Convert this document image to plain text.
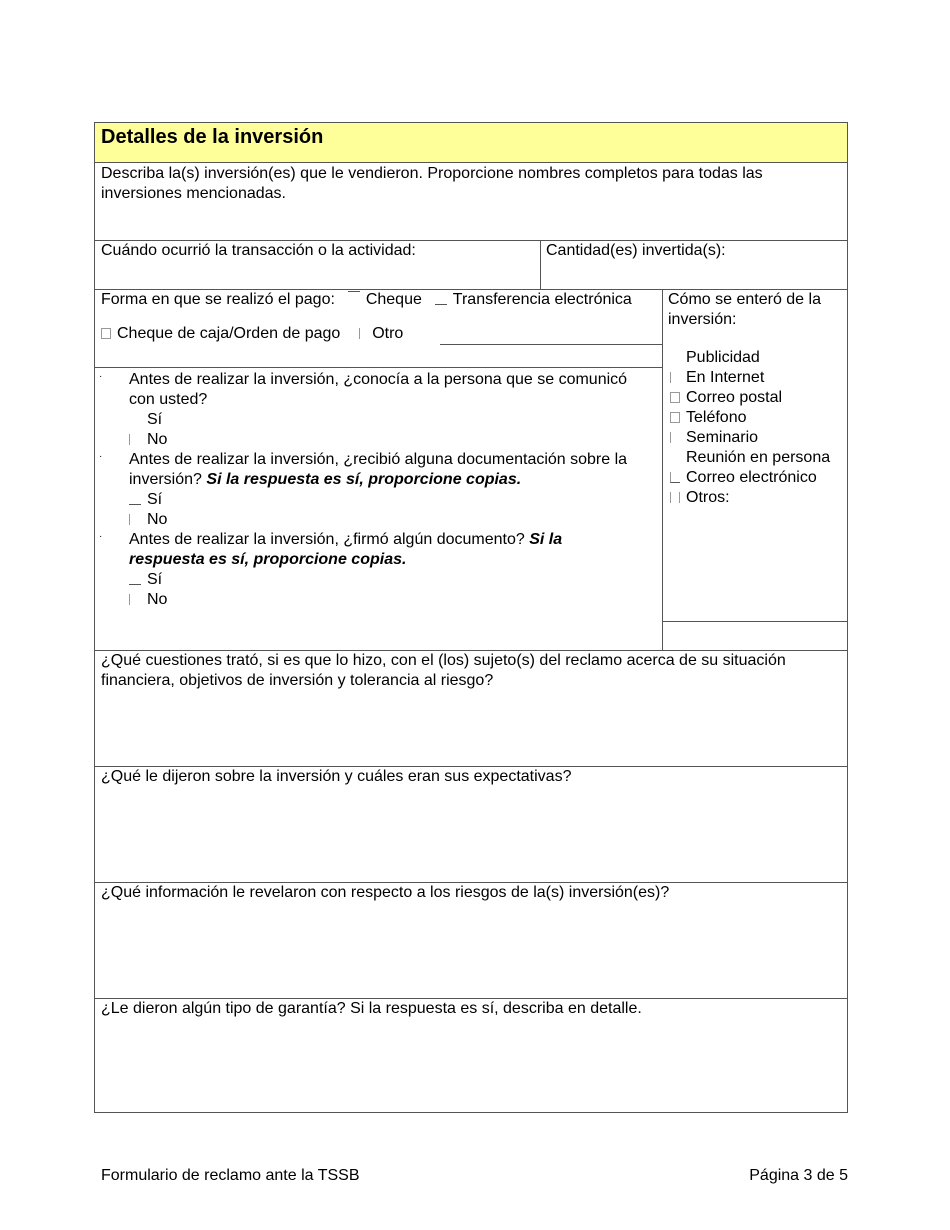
Detalles de la inversión
Describa la(s) inversión(es) que le vendieron. Proporcione nombres completos para todas las inversiones mencionadas.
Cuándo ocurrió la transacción o la actividad:	Cantidad(es) invertida(s):
Forma en que se realizó el pago: Cheque Transferencia electrónica
Cheque de caja/Orden de pago Otro
Cómo se enteró de la inversión:
Publicidad
En Internet
Correo postal
Teléfono
Seminario
Reunión en persona
Correo electrónico
Otros:
· Antes de realizar la inversión, ¿conocía a la persona que se comunicó con usted?
Sí
No
· Antes de realizar la inversión, ¿recibió alguna documentación sobre la inversión? Si la respuesta es sí, proporcione copias.
Sí
No
· Antes de realizar la inversión, ¿firmó algún documento? Si la respuesta es sí, proporcione copias.
Sí
No
¿Qué cuestiones trató, si es que lo hizo, con el (los) sujeto(s) del reclamo acerca de su situación financiera, objetivos de inversión y tolerancia al riesgo?
¿Qué le dijeron sobre la inversión y cuáles eran sus expectativas?
¿Qué información le revelaron con respecto a los riesgos de la(s) inversión(es)?
¿Le dieron algún tipo de garantía? Si la respuesta es sí, describa en detalle.
Formulario de reclamo ante la TSSB	Página 3 de 5
